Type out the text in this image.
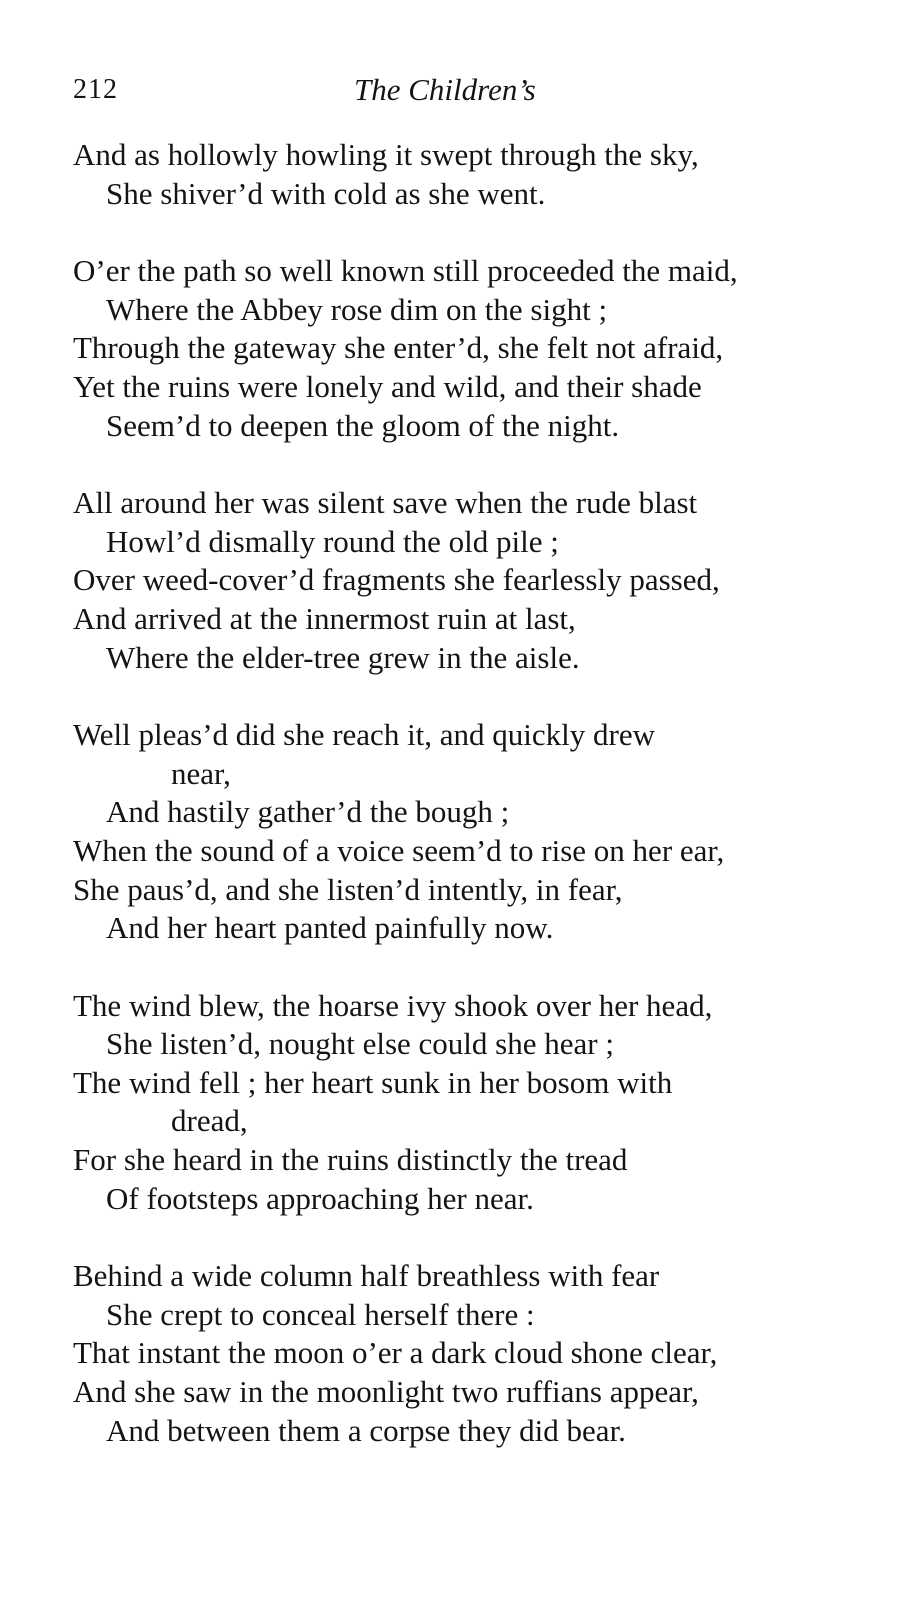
212	The Children’s
And as hollowly howling it swept through the sky,
She shiver’d with cold as she went.
O’er the path so well known still proceeded the maid,
Where the Abbey rose dim on the sight ;
Through the gateway she enter’d, she felt not afraid,
Yet the ruins were lonely and wild, and their shade
Seem’d to deepen the gloom of the night.
All around her was silent save when the rude blast
Howl’d dismally round the old pile ;
Over weed-cover’d fragments she fearlessly passed,
And arrived at the innermost ruin at last,
Where the elder-tree grew in the aisle.
Well pleas’d did she reach it, and quickly drew
near,
And hastily gather’d the bough ;
When the sound of a voice seem’d to rise on her ear,
She paus’d, and she listen’d intently, in fear,
And her heart panted painfully now.
The wind blew, the hoarse ivy shook over her head,
She listen’d, nought else could she hear ;
The wind fell ; her heart sunk in her bosom with
dread,
For she heard in the ruins distinctly the tread
Of footsteps approaching her near.
Behind a wide column half breathless with fear
She crept to conceal herself there :
That instant the moon o’er a dark cloud shone clear,
And she saw in the moonlight two ruffians appear,
And between them a corpse they did bear.
